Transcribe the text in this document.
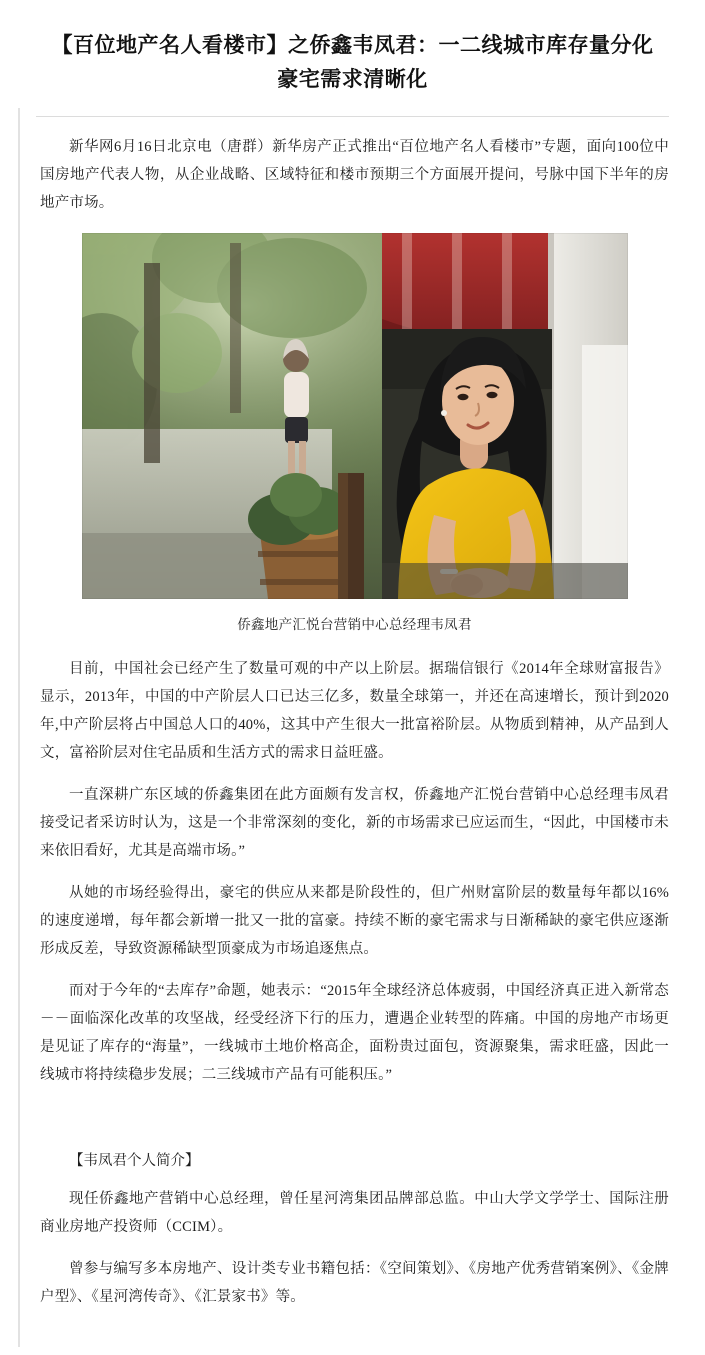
【百位地产名人看楼市】之侨鑫韦凤君：一二线城市库存量分化 豪宅需求清晰化

新华网6月16日北京电（唐群）新华房产正式推出“百位地产名人看楼市”专题，面向100位中国房地产代表人物，从企业战略、区域特征和楼市预期三个方面展开提问，号脉中国下半年的房地产市场。

侨鑫地产汇悦台营销中心总经理韦凤君

目前，中国社会已经产生了数量可观的中产以上阶层。据瑞信银行《2014年全球财富报告》显示，2013年，中国的中产阶层人口已达三亿多，数量全球第一，并还在高速增长，预计到2020年,中产阶层将占中国总人口的40%，这其中产生很大一批富裕阶层。从物质到精神，从产品到人文，富裕阶层对住宅品质和生活方式的需求日益旺盛。

一直深耕广东区域的侨鑫集团在此方面颇有发言权，侨鑫地产汇悦台营销中心总经理韦凤君接受记者采访时认为，这是一个非常深刻的变化，新的市场需求已应运而生，“因此，中国楼市未来依旧看好，尤其是高端市场。”

从她的市场经验得出，豪宅的供应从来都是阶段性的，但广州财富阶层的数量每年都以16%的速度递增，每年都会新增一批又一批的富豪。持续不断的豪宅需求与日渐稀缺的豪宅供应逐渐形成反差，导致资源稀缺型顶豪成为市场追逐焦点。

而对于今年的“去库存”命题，她表示：“2015年全球经济总体疲弱，中国经济真正进入新常态－－面临深化改革的攻坚战，经受经济下行的压力，遭遇企业转型的阵痛。中国的房地产市场更是见证了库存的“海量”，一线城市土地价格高企，面粉贵过面包，资源聚集，需求旺盛，因此一线城市将持续稳步发展；二三线城市产品有可能积压。”

【韦凤君个人简介】

现任侨鑫地产营销中心总经理，曾任星河湾集团品牌部总监。中山大学文学学士、国际注册商业房地产投资师（CCIM）。

曾参与编写多本房地产、设计类专业书籍包括：《空间策划》、《房地产优秀营销案例》、《金牌户型》、《星河湾传奇》、《汇景家书》等。
